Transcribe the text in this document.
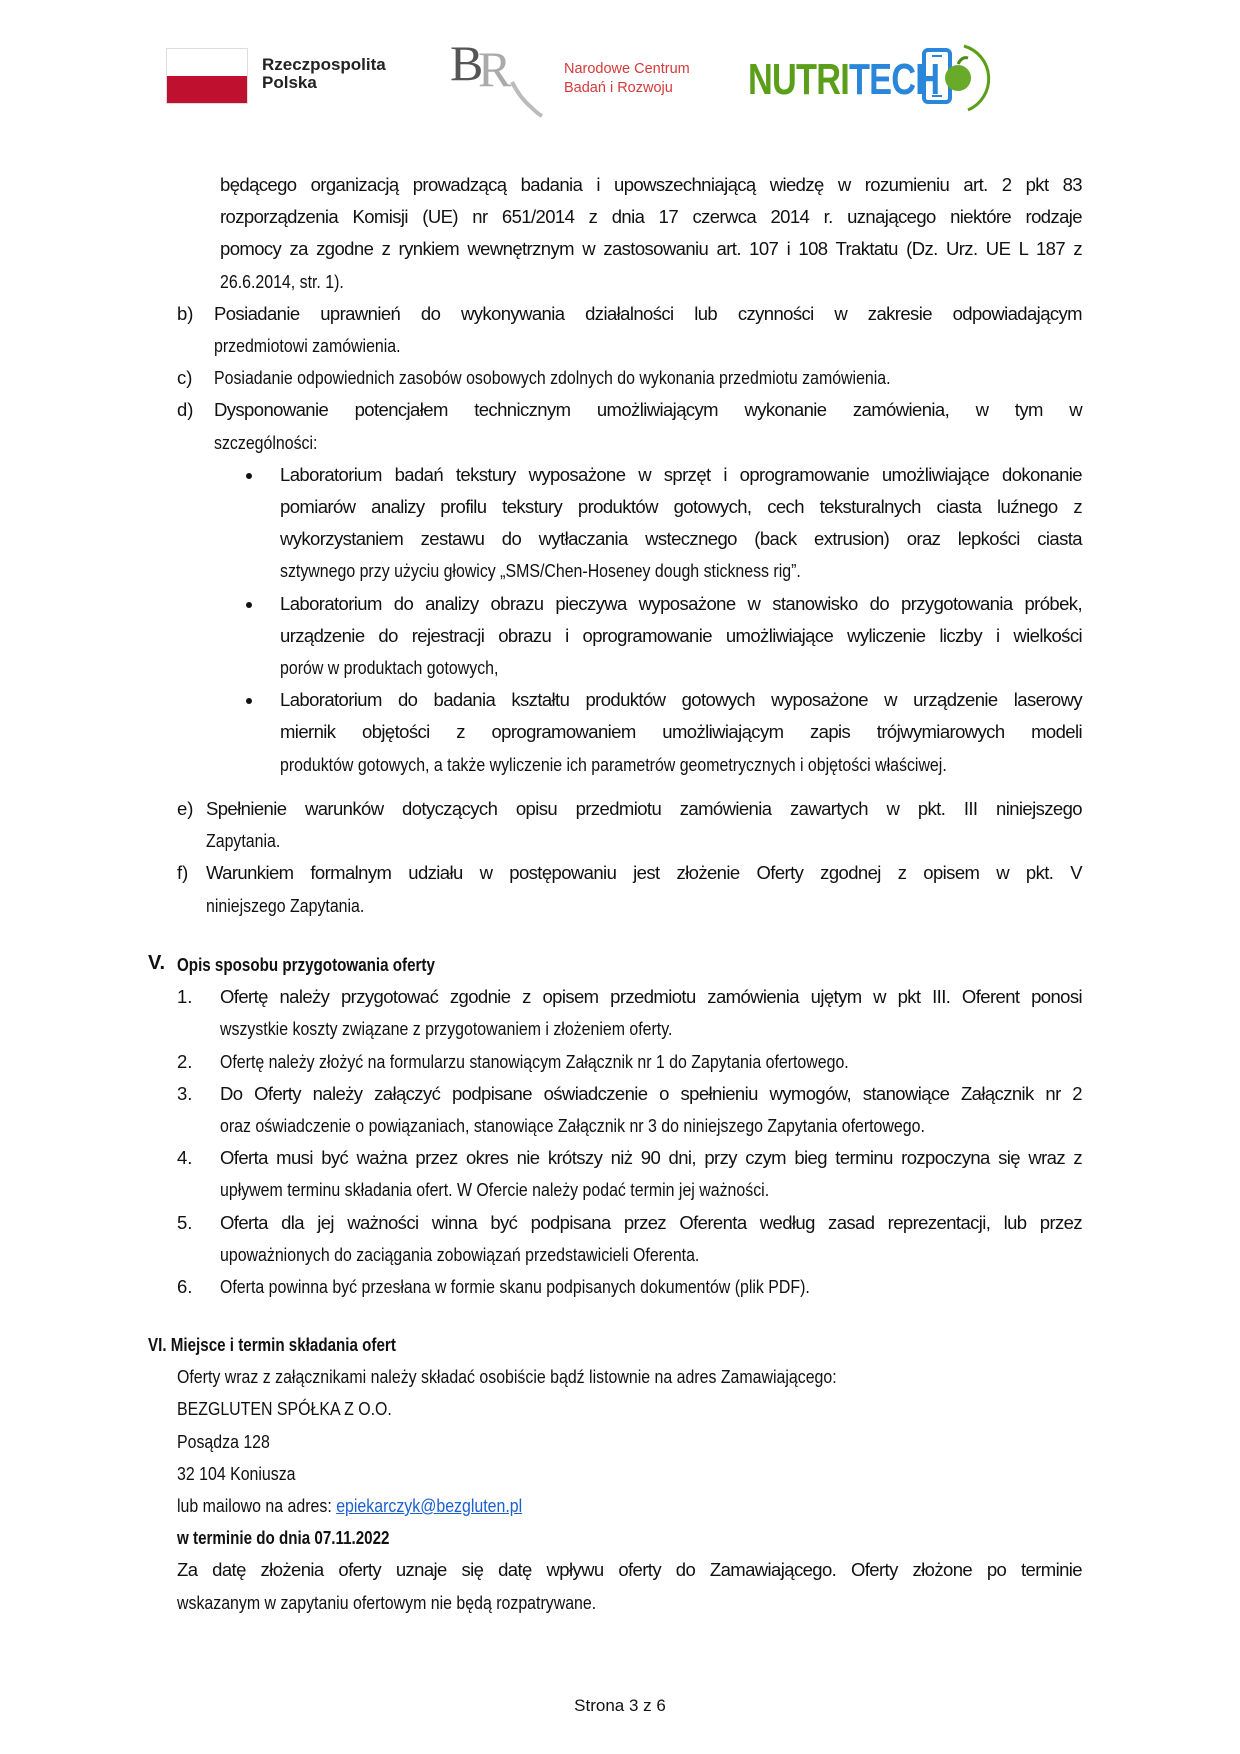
Rzeczpospolita
Polska	B
R	Narodowe Centrum
Badań i Rozwoju	NUTRITECH
będącego organizacją prowadzącą badania i upowszechniającą wiedzę w rozumieniu art. 2 pkt 83
rozporządzenia Komisji (UE) nr 651/2014 z dnia 17 czerwca 2014 r. uznającego niektóre rodzaje
pomocy za zgodne z rynkiem wewnętrznym w zastosowaniu art. 107 i 108 Traktatu (Dz. Urz. UE L 187 z
26.6.2014, str. 1).
b) Posiadanie uprawnień do wykonywania działalności lub czynności w zakresie odpowiadającym
przedmiotowi zamówienia.
c) Posiadanie odpowiednich zasobów osobowych zdolnych do wykonania przedmiotu zamówienia.
d) Dysponowanie potencjałem technicznym umożliwiającym wykonanie zamówienia, w tym w
szczególności:
Laboratorium badań tekstury wyposażone w sprzęt i oprogramowanie umożliwiające dokonanie
pomiarów analizy profilu tekstury produktów gotowych, cech teksturalnych ciasta luźnego z
wykorzystaniem zestawu do wytłaczania wstecznego (back extrusion) oraz lepkości ciasta
sztywnego przy użyciu głowicy „SMS/Chen-Hoseney dough stickness rig”.
Laboratorium do analizy obrazu pieczywa wyposażone w stanowisko do przygotowania próbek,
urządzenie do rejestracji obrazu i oprogramowanie umożliwiające wyliczenie liczby i wielkości
porów w produktach gotowych,
Laboratorium do badania kształtu produktów gotowych wyposażone w urządzenie laserowy
miernik objętości z oprogramowaniem umożliwiającym zapis trójwymiarowych modeli
produktów gotowych, a także wyliczenie ich parametrów geometrycznych i objętości właściwej.
e) Spełnienie warunków dotyczących opisu przedmiotu zamówienia zawartych w pkt. III niniejszego
Zapytania.
f) Warunkiem formalnym udziału w postępowaniu jest złożenie Oferty zgodnej z opisem w pkt. V
niniejszego Zapytania.
V. Opis sposobu przygotowania oferty
1. Ofertę należy przygotować zgodnie z opisem przedmiotu zamówienia ujętym w pkt III. Oferent ponosi
wszystkie koszty związane z przygotowaniem i złożeniem oferty.
2. Ofertę należy złożyć na formularzu stanowiącym Załącznik nr 1 do Zapytania ofertowego.
3. Do Oferty należy załączyć podpisane oświadczenie o spełnieniu wymogów, stanowiące Załącznik nr 2
oraz oświadczenie o powiązaniach, stanowiące Załącznik nr 3 do niniejszego Zapytania ofertowego.
4. Oferta musi być ważna przez okres nie krótszy niż 90 dni, przy czym bieg terminu rozpoczyna się wraz z
upływem terminu składania ofert. W Ofercie należy podać termin jej ważności.
5. Oferta dla jej ważności winna być podpisana przez Oferenta według zasad reprezentacji, lub przez
upoważnionych do zaciągania zobowiązań przedstawicieli Oferenta.
6. Oferta powinna być przesłana w formie skanu podpisanych dokumentów (plik PDF).
VI. Miejsce i termin składania ofert
Oferty wraz z załącznikami należy składać osobiście bądź listownie na adres Zamawiającego:
BEZGLUTEN SPÓŁKA Z O.O.
Posądza 128
32 104 Koniusza
lub mailowo na adres: epiekarczyk@bezgluten.pl
w terminie do dnia 07.11.2022
Za datę złożenia oferty uznaje się datę wpływu oferty do Zamawiającego. Oferty złożone po terminie
wskazanym w zapytaniu ofertowym nie będą rozpatrywane.
Strona 3 z 6
